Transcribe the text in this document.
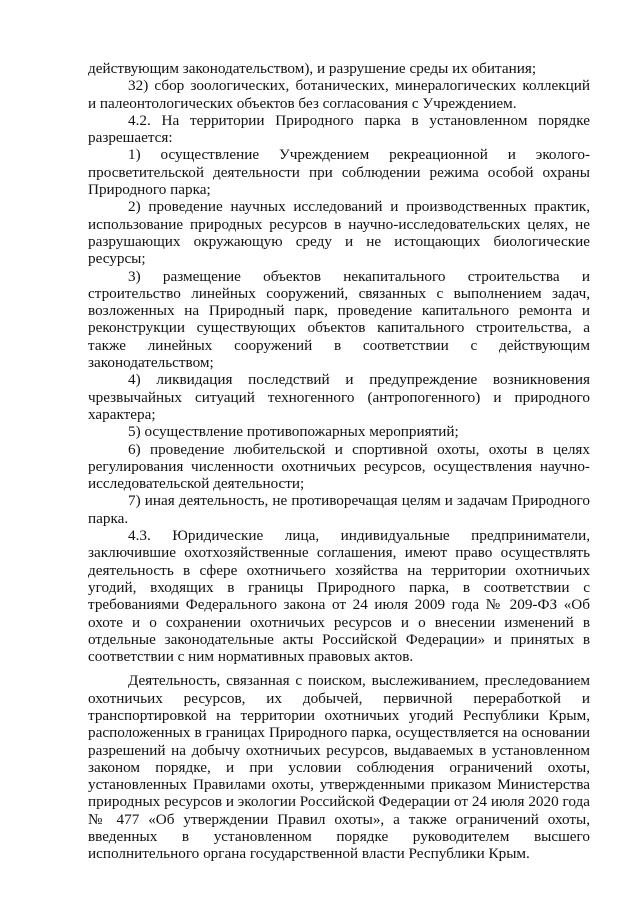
действующим законодательством), и разрушение среды их обитания;

32) сбор зоологических, ботанических, минералогических коллекций и палеонтологических объектов без согласования с Учреждением.

4.2. На территории Природного парка в установленном порядке разрешается:

1) осуществление Учреждением рекреационной и эколого-просветительской деятельности при соблюдении режима особой охраны Природного парка;

2) проведение научных исследований и производственных практик, использование природных ресурсов в научно-исследовательских целях, не разрушающих окружающую среду и не истощающих биологические ресурсы;

3) размещение объектов некапитального строительства и строительство линейных сооружений, связанных с выполнением задач, возложенных на Природный парк, проведение капитального ремонта и реконструкции существующих объектов капитального строительства, а также линейных сооружений в соответствии с действующим законодательством;

4) ликвидация последствий и предупреждение возникновения чрезвычайных ситуаций техногенного (антропогенного) и природного характера;

5) осуществление противопожарных мероприятий;

6) проведение любительской и спортивной охоты, охоты в целях регулирования численности охотничьих ресурсов, осуществления научно-исследовательской деятельности;

7) иная деятельность, не противоречащая целям и задачам Природного парка.

4.3. Юридические лица, индивидуальные предприниматели, заключившие охотхозяйственные соглашения, имеют право осуществлять деятельность в сфере охотничьего хозяйства на территории охотничьих угодий, входящих в границы Природного парка, в соответствии с требованиями Федерального закона от 24 июля 2009 года № 209-ФЗ «Об охоте и о сохранении охотничьих ресурсов и о внесении изменений в отдельные законодательные акты Российской Федерации» и принятых в соответствии с ним нормативных правовых актов.

Деятельность, связанная с поиском, выслеживанием, преследованием охотничьих ресурсов, их добычей, первичной переработкой и транспортировкой на территории охотничьих угодий Республики Крым, расположенных в границах Природного парка, осуществляется на основании разрешений на добычу охотничьих ресурсов, выдаваемых в установленном законом порядке, и при условии соблюдения ограничений охоты, установленных Правилами охоты, утвержденными приказом Министерства природных ресурсов и экологии Российской Федерации от 24 июля 2020 года № 477 «Об утверждении Правил охоты», а также ограничений охоты, введенных в установленном порядке руководителем высшего исполнительного органа государственной власти Республики Крым.
